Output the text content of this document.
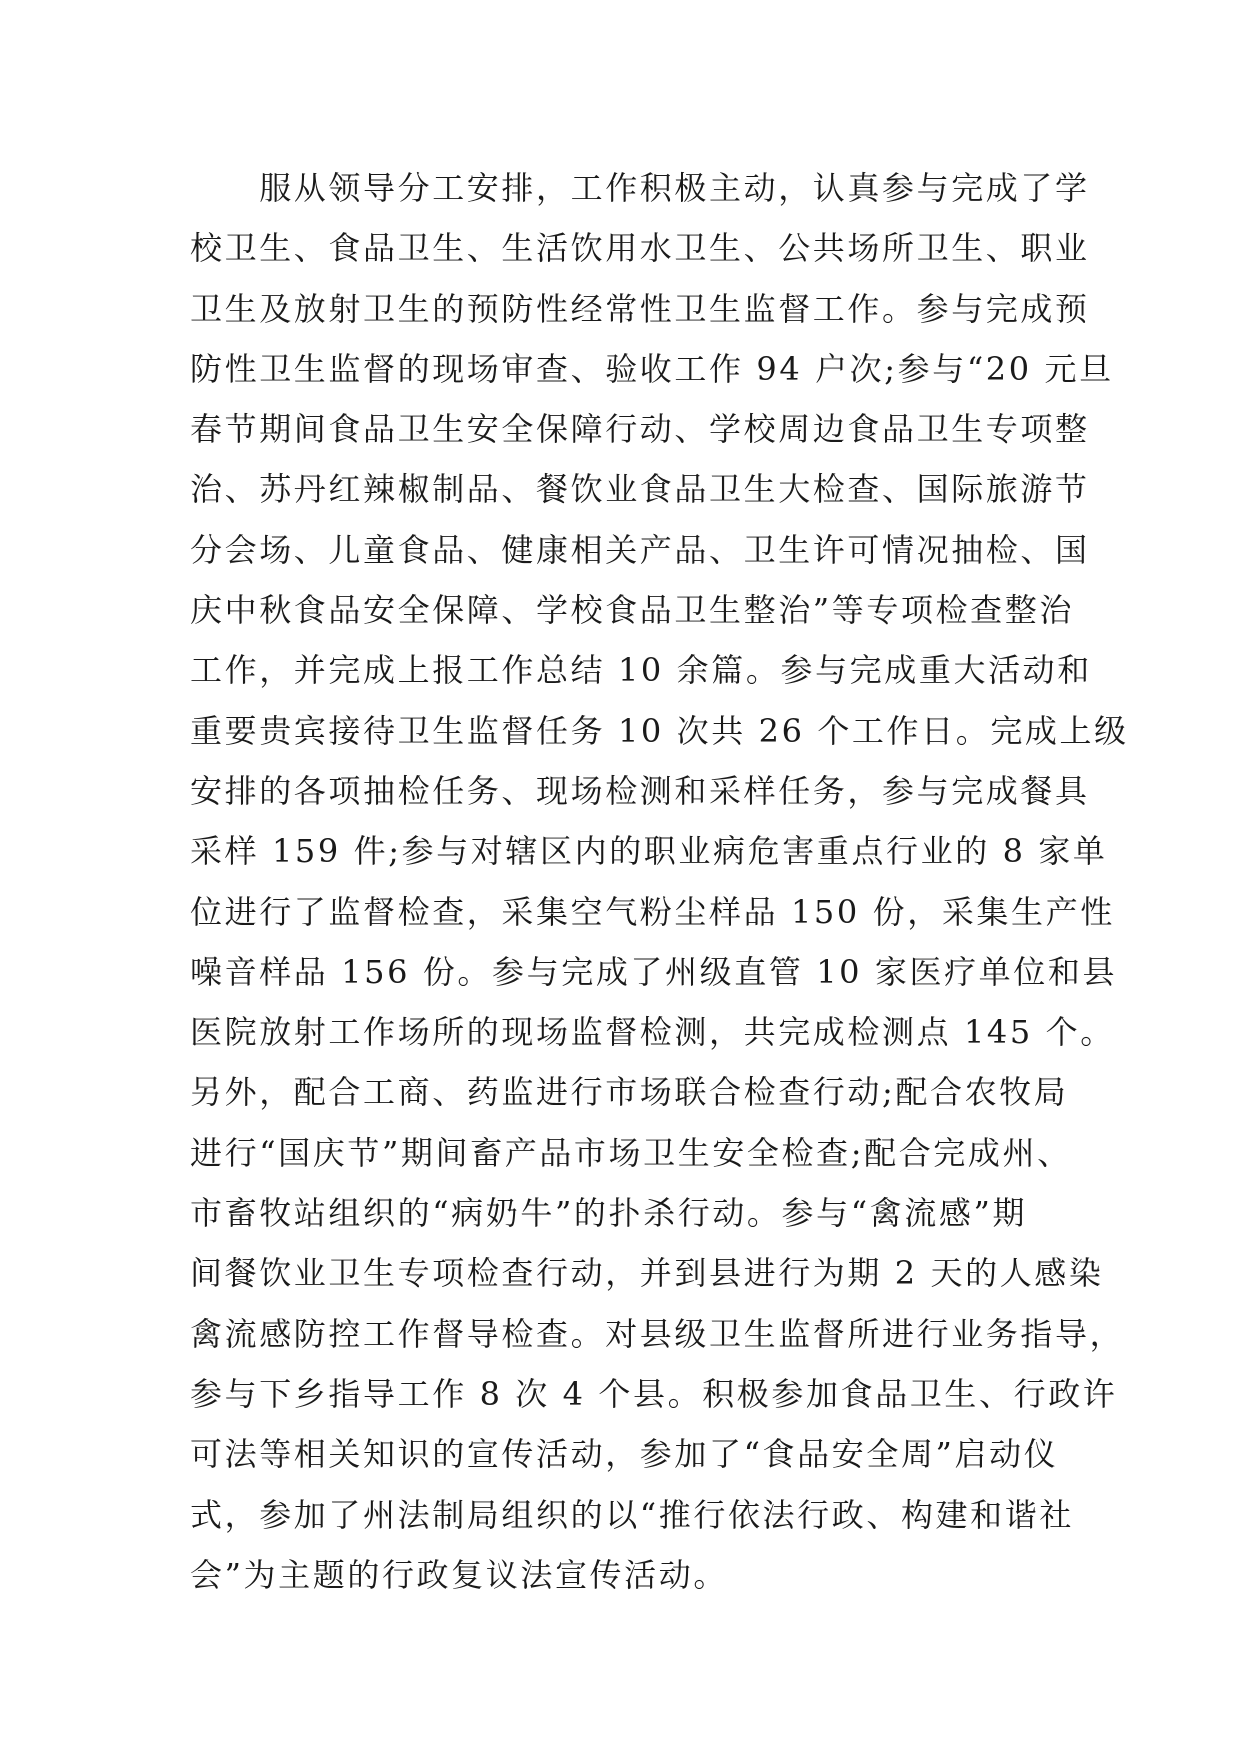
　　服从领导分工安排，工作积极主动，认真参与完成了学
校卫生、食品卫生、生活饮用水卫生、公共场所卫生、职业
卫生及放射卫生的预防性经常性卫生监督工作。参与完成预
防性卫生监督的现场审查、验收工作 94 户次;参与“20 元旦
春节期间食品卫生安全保障行动、学校周边食品卫生专项整
治、苏丹红辣椒制品、餐饮业食品卫生大检查、国际旅游节
分会场、儿童食品、健康相关产品、卫生许可情况抽检、国
庆中秋食品安全保障、学校食品卫生整治”等专项检查整治
工作，并完成上报工作总结 10 余篇。参与完成重大活动和
重要贵宾接待卫生监督任务 10 次共 26 个工作日。完成上级
安排的各项抽检任务、现场检测和采样任务，参与完成餐具
采样 159 件;参与对辖区内的职业病危害重点行业的 8 家单
位进行了监督检查，采集空气粉尘样品 150 份，采集生产性
噪音样品 156 份。参与完成了州级直管 10 家医疗单位和县
医院放射工作场所的现场监督检测，共完成检测点 145 个。
另外，配合工商、药监进行市场联合检查行动;配合农牧局
进行“国庆节”期间畜产品市场卫生安全检查;配合完成州、
市畜牧站组织的“病奶牛”的扑杀行动。参与“禽流感”期
间餐饮业卫生专项检查行动，并到县进行为期 2 天的人感染
禽流感防控工作督导检查。对县级卫生监督所进行业务指导，
参与下乡指导工作 8 次 4 个县。积极参加食品卫生、行政许
可法等相关知识的宣传活动，参加了“食品安全周”启动仪
式，参加了州法制局组织的以“推行依法行政、构建和谐社
会”为主题的行政复议法宣传活动。
